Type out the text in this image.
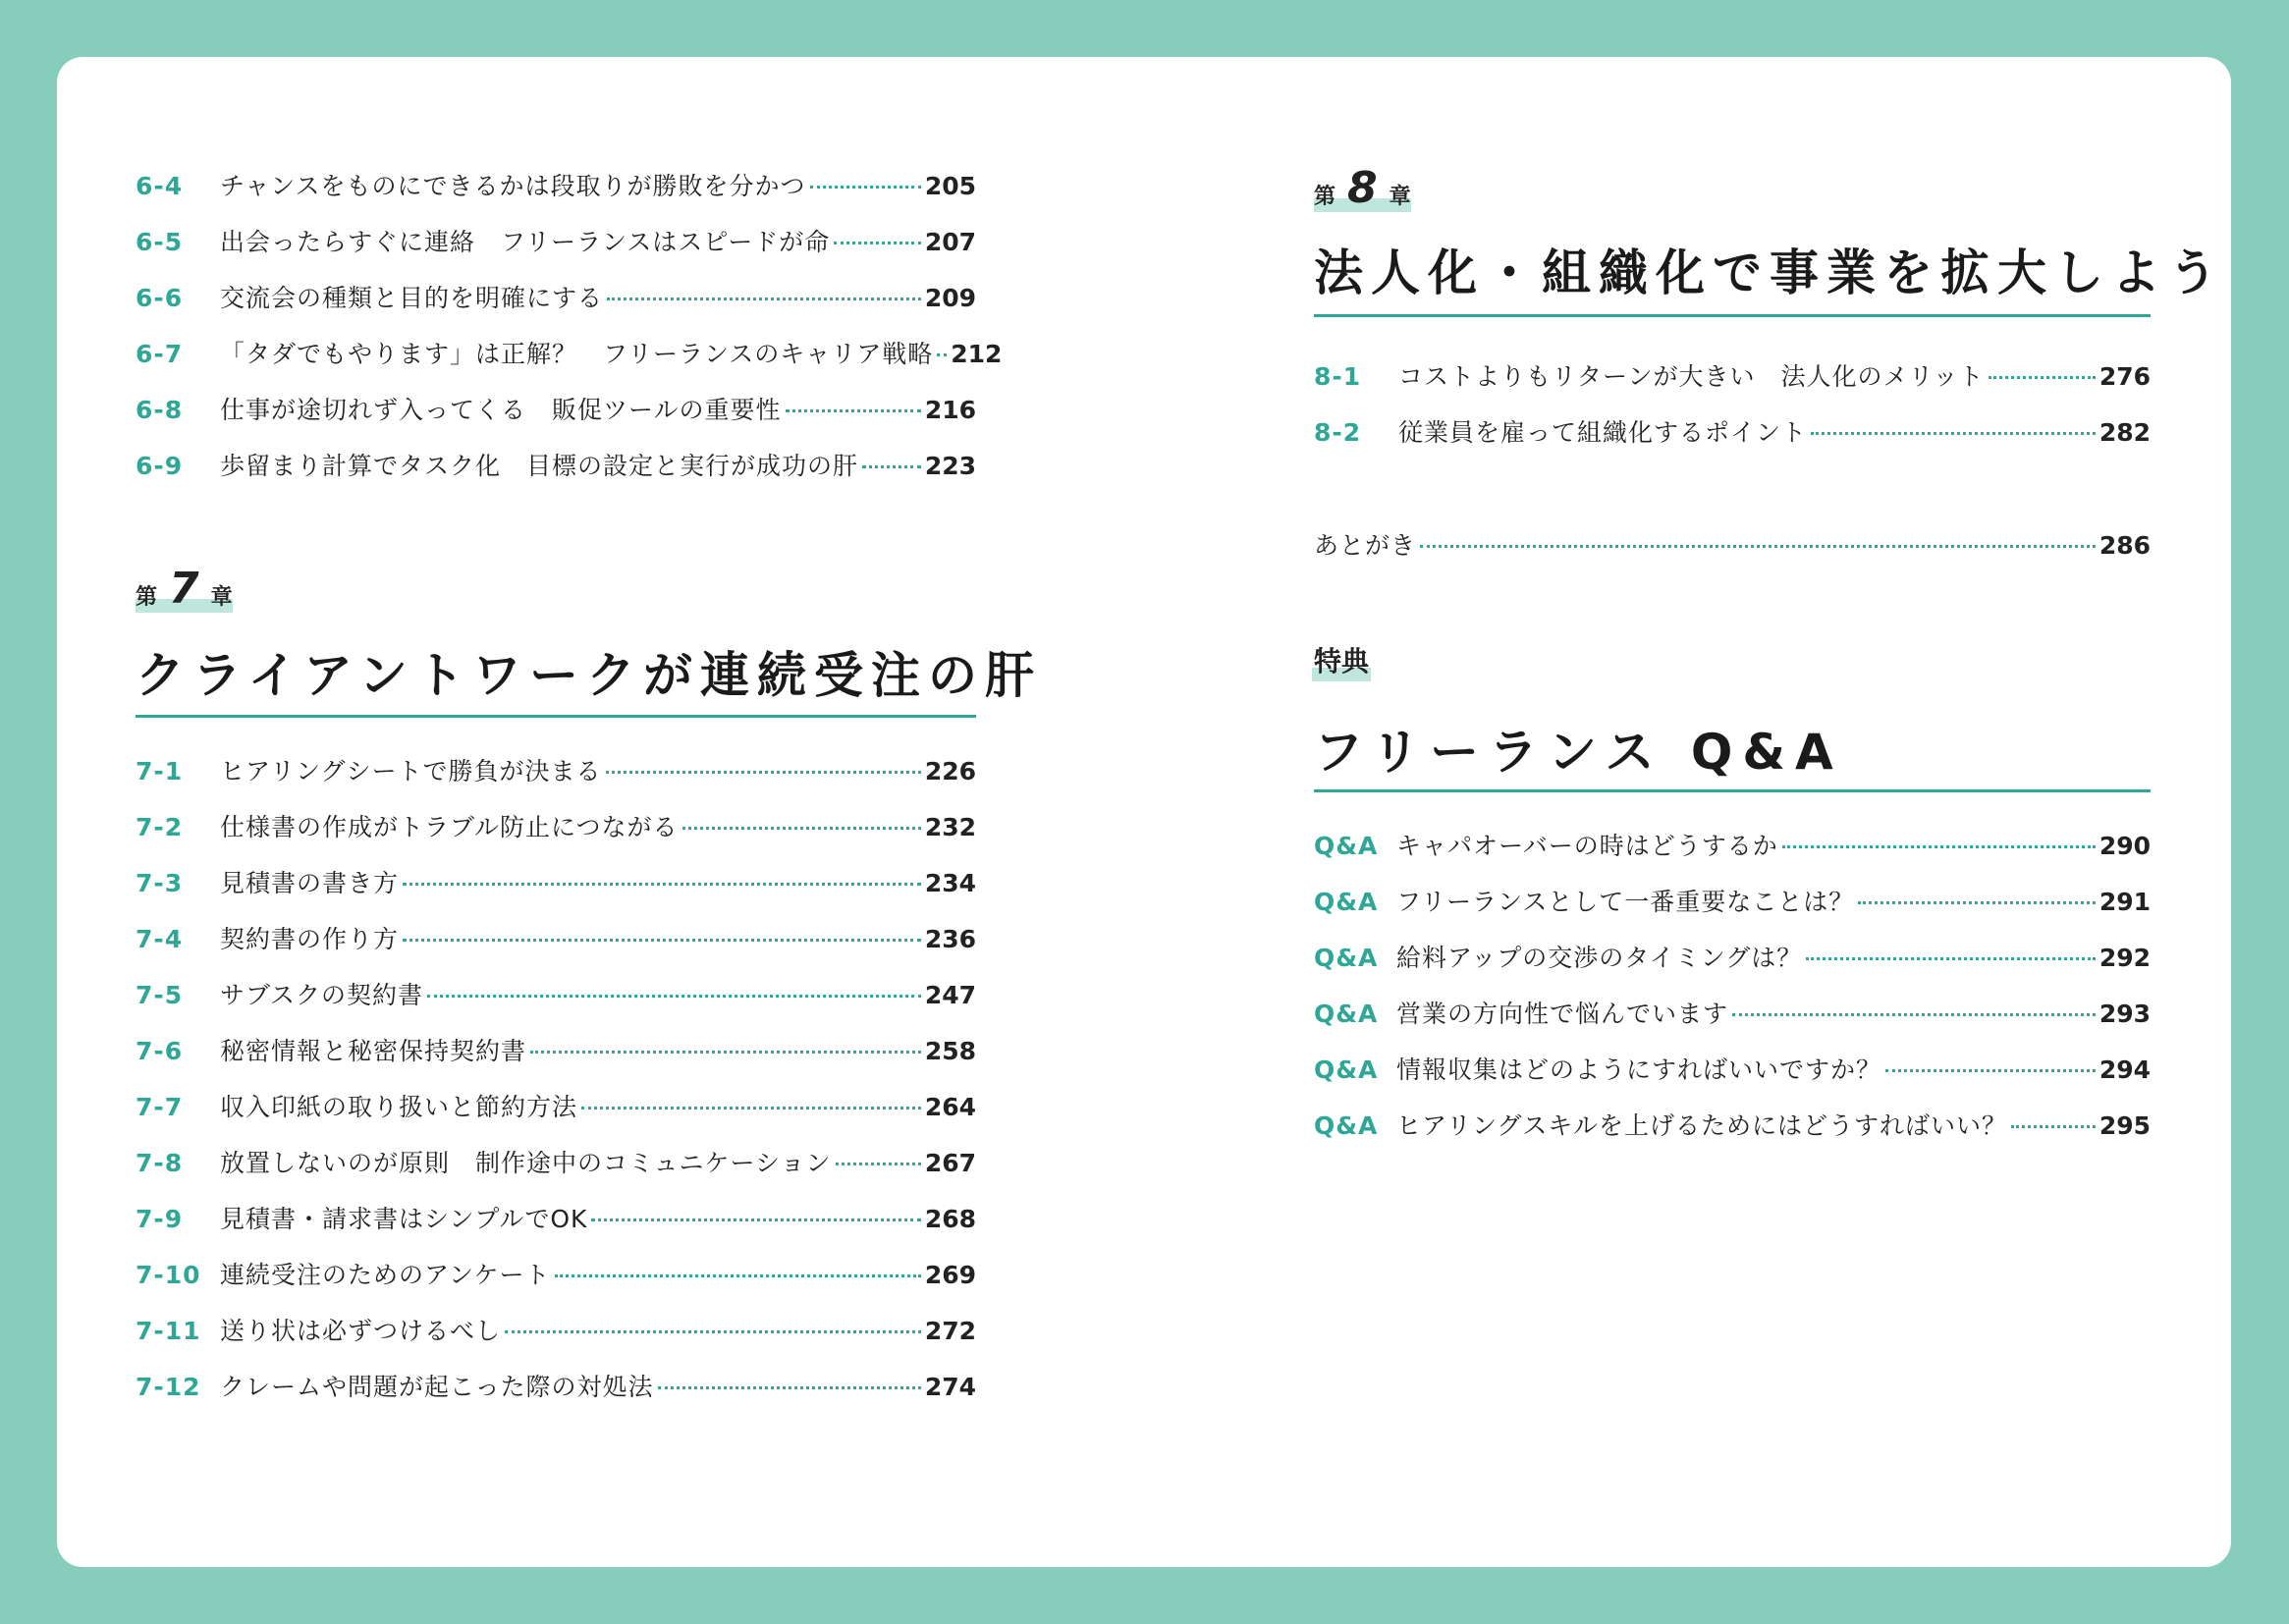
6-4	チャンスをものにできるかは段取りが勝敗を分かつ	205
6-5	出会ったらすぐに連絡　フリーランスはスピードが命	207
6-6	交流会の種類と目的を明確にする	209
6-7	「タダでもやります」は正解？　フリーランスのキャリア戦略 212
6-8	仕事が途切れず入ってくる　販促ツールの重要性	216
6-9	歩留まり計算でタスク化　目標の設定と実行が成功の肝	223
第 7 章
クライアントワークが連続受注の肝
7-1	ヒアリングシートで勝負が決まる	226
7-2	仕様書の作成がトラブル防止につながる	232
7-3	見積書の書き方	234
7-4	契約書の作り方	236
7-5	サブスクの契約書	247
7-6	秘密情報と秘密保持契約書	258
7-7	収入印紙の取り扱いと節約方法	264
7-8	放置しないのが原則　制作途中のコミュニケーション	267
7-9	見積書・請求書はシンプルでOK	268
7-10 連続受注のためのアンケート	269
7-11 送り状は必ずつけるべし	272
7-12 クレームや問題が起こった際の対処法	274
第 8 章
法人化・組織化で事業を拡大しよう
8-1	コストよりもリターンが大きい　法人化のメリット	276
8-2	従業員を雇って組織化するポイント	282
あとがき	286
特典
フリーランス Q&A
Q&A キャパオーバーの時はどうするか	290
Q&A フリーランスとして一番重要なことは？	291
Q&A 給料アップの交渉のタイミングは？	292
Q&A 営業の方向性で悩んでいます	293
Q&A 情報収集はどのようにすればいいですか？	294
Q&A ヒアリングスキルを上げるためにはどうすればいい？	295
